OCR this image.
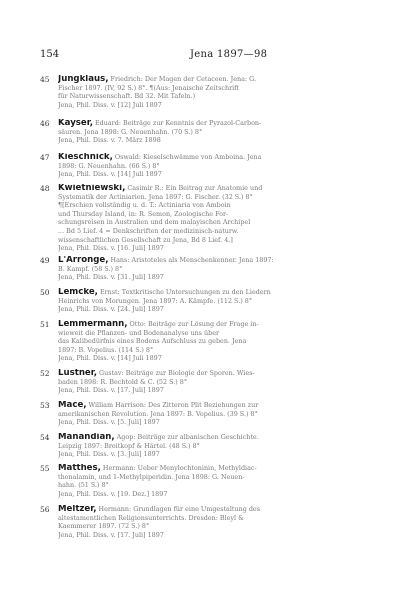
154	Jena 1897—98
45 Jungklaus, Friedrich: Der Magen der Cetaceen. Jena: G.
Fischer 1897. (IV, 92 S.) 8°. ¶(Aus: Jenaische Zeitschrift
für Naturwissenschaft. Bd 32. Mit Tafeln.)
Jena, Phil. Diss. v. [12] Juli 1897
46 Kayser, Eduard: Beiträge zur Kenntnis der Pyrazol-Carbon-
säuren. Jena 1898: G. Neuenhahn. (70 S.) 8°
Jena, Phil. Diss. v. 7. März 1898
47 Kieschnick, Oswald: Kieselschwämme von Amboina. Jena
1898: G. Neuenhahn. (66 S.) 8°
Jena, Phil. Diss. v. [14] Juli 1897
48 Kwietniewski, Casimir R.: Ein Beitrag zur Anatomie und
Systematik der Actiniarien. Jena 1897: G. Fischer. (32 S.) 8°
¶[Erschien vollständig u. d. T.: Actiniaria von Amboin
und Thursday Island, in: R. Semon, Zoologische For-
schungsreisen in Australien und dem malayischen Archipel
... Bd 5 Lief. 4 = Denkschriften der medizinisch-naturw.
wissenschaftlichen Gesellschaft zu Jena, Bd 8 Lief. 4.]
Jena, Phil. Diss. v. [16. Juli] 1897
49 L'Arronge, Hans: Aristoteles als Menschenkenner. Jena 1897:
B. Kampf. (58 S.) 8°
Jena, Phil. Diss. v. [31. Juli] 1897
50 Lemcke, Ernst: Textkritische Untersuchungen zu den Liedern
Heinrichs von Morungen. Jena 1897: A. Kämpfe. (112 S.) 8°
Jena, Phil. Diss. v. [24. Juli] 1897
51 Lemmermann, Otto: Beiträge zur Lösung der Frage in-
wieweit die Pflanzen- und Bodenanalyse uns über
das Kalibedürfnis eines Bodens Aufschluss zu geben. Jena
1897: B. Vopelius. (114 S.) 8°
Jena, Phil. Diss. v. [14] Juli 1897
52 Lüstner, Gustav: Beiträge zur Biologie der Sporen. Wies-
baden 1898: R. Bechtold & C. (52 S.) 8°
Jena, Phil. Diss. v. [17. Juli] 1897
53 Mace, William Harrison: Des Zitteron Plit Beziehungen zur
amerikanischen Revolution. Jena 1897: B. Vopelius. (39 S.) 8°
Jena, Phil. Diss. v. [5. Juli] 1897
54 Manandian, Agop: Beiträge zur albanischen Geschichte.
Leipzig 1897: Breitkopf & Härtel. (48 S.) 8°
Jena, Phil. Diss. v. [3. Juli] 1897
55 Matthes, Hermann: Ueber Menylochtoninin, Methyldiac-
thonalamin, und 1-Methylpiperidin. Jena 1898: G. Neuen-
hahn. (51 S.) 8°
Jena, Phil. Diss. v. [19. Dez.] 1897
56 Meltzer, Hermann: Grundlagen für eine Umgestaltung des
altestamentlichen Religionsunterrichts. Dresden: Bleyl &
Kaemmerer 1897. (72 S.) 8°
Jena, Phil. Diss. v. [17. Juli] 1897
